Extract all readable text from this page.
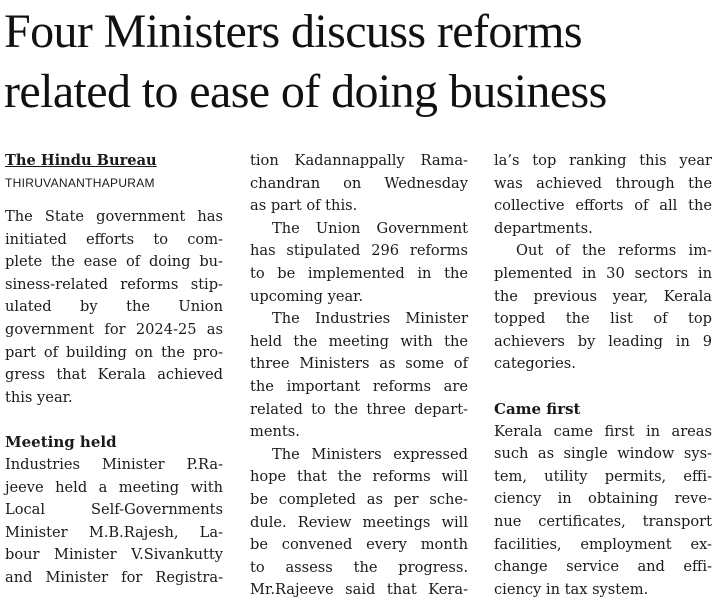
Four Ministers discuss reforms
related to ease of doing business
The Hindu Bureau
THIRUVANANTHAPURAM

The State government has
initiated efforts to com-
plete the ease of doing bu-
siness-related reforms stip-
ulated by the Union
government for 2024-25 as
part of building on the pro-
gress that Kerala achieved
this year.

Meeting held

Industries Minister P.Ra-
jeeve held a meeting with
Local Self-Governments
Minister M.B.Rajesh, La-
bour Minister V.Sivankutty
and Minister for Registra-

tion Kadannappally Rama-
chandran on Wednesday
as part of this.

The Union Government
has stipulated 296 reforms
to be implemented in the
upcoming year.

The Industries Minister
held the meeting with the
three Ministers as some of
the important reforms are
related to the three depart-
ments.

The Ministers expressed
hope that the reforms will
be completed as per sche-
dule. Review meetings will
be convened every month
to assess the progress.
Mr.Rajeeve said that Kera-

la’s top ranking this year
was achieved through the
collective efforts of all the
departments.

Out of the reforms im-
plemented in 30 sectors in
the previous year, Kerala
topped the list of top
achievers by leading in 9
categories.

Came first

Kerala came first in areas
such as single window sys-
tem, utility permits, effi-
ciency in obtaining reve-
nue certificates, transport
facilities, employment ex-
change service and effi-
ciency in tax system.
